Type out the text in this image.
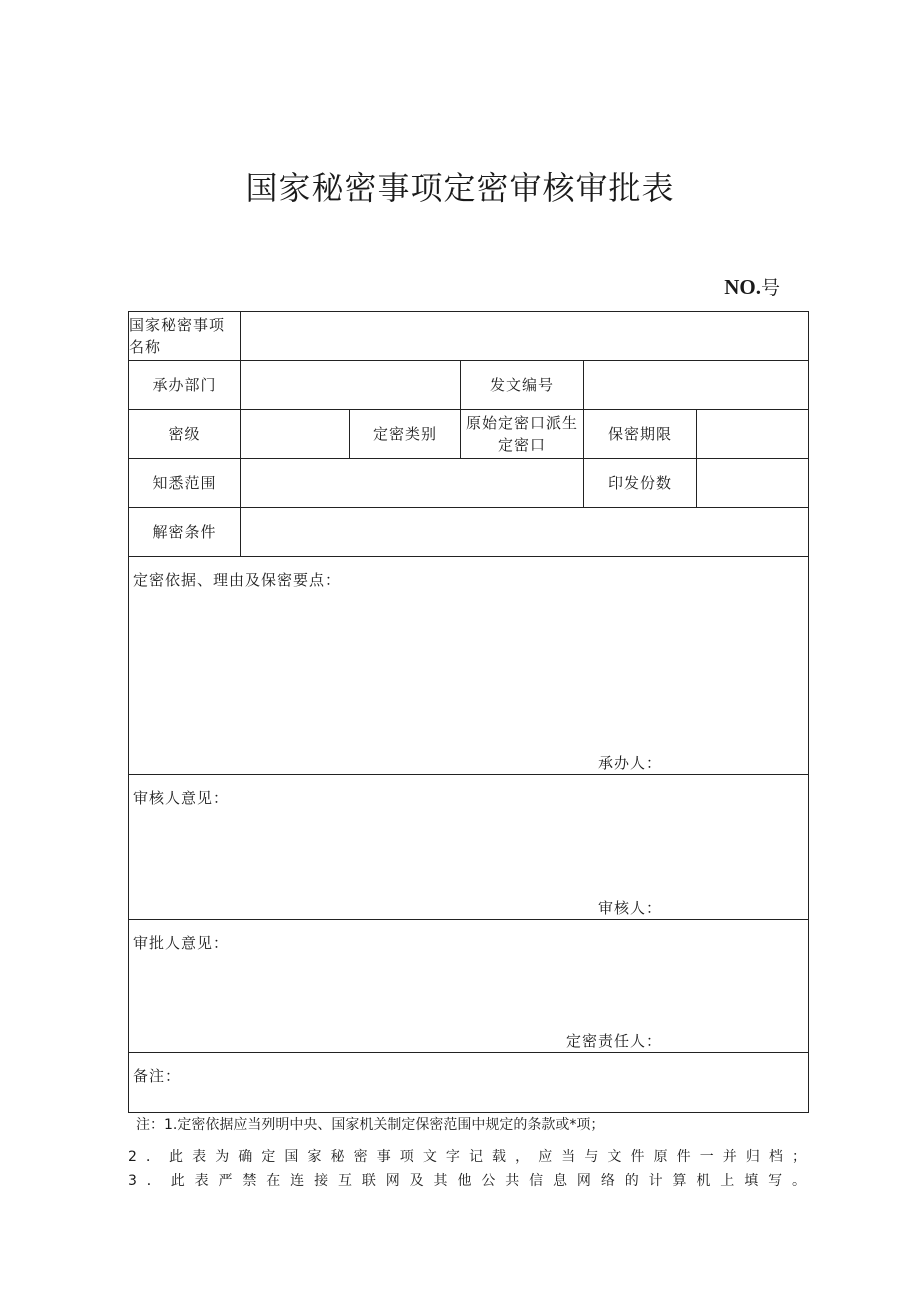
国家秘密事项定密审核审批表
NO.号
国家秘密事项名称					
承办部门			发文编号		
密级		定密类别	原始定密口派生定密口	保密期限	
知悉范围				印发份数	
解密条件					

定密依据、理由及保密要点：
承办人：					

审核人意见：
审核人：					

审批人意见：
定密责任人：					

备注：					
注：1.定密依据应当列明中央、国家机关制定保密范围中规定的条款或*项；
2．此表为确定国家秘密事项文字记载，应当与文件原件一并归档；
3．此表严禁在连接互联网及其他公共信息网络的计算机上填写。
